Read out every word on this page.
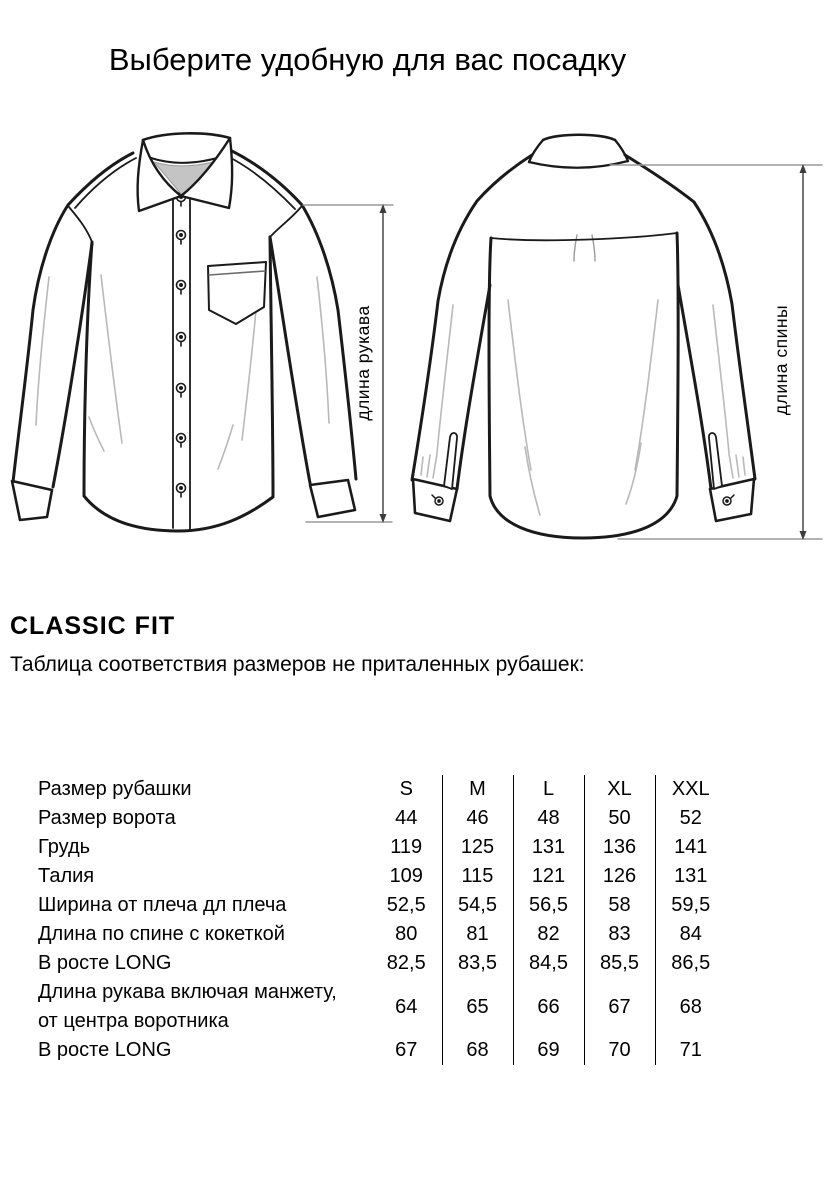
Выберите удобную для вас посадку
длина рукава	длина спины
CLASSIC FIT
Таблица соответствия размеров не приталенных рубашек:
Размер рубашки	S	M	L	XL	XXL
Размер ворота	44	46	48	50	52
Грудь	119	125	131	136	141
Талия	109	115	121	126	131
Ширина от плеча дл плеча	52,5	54,5	56,5	58	59,5
Длина по спине с кокеткой	80	81	82	83	84
В росте LONG	82,5	83,5	84,5	85,5	86,5
Длина рукава включая манжету,
от центра воротника	64	65	66	67	68
В росте LONG	67	68	69	70	71
